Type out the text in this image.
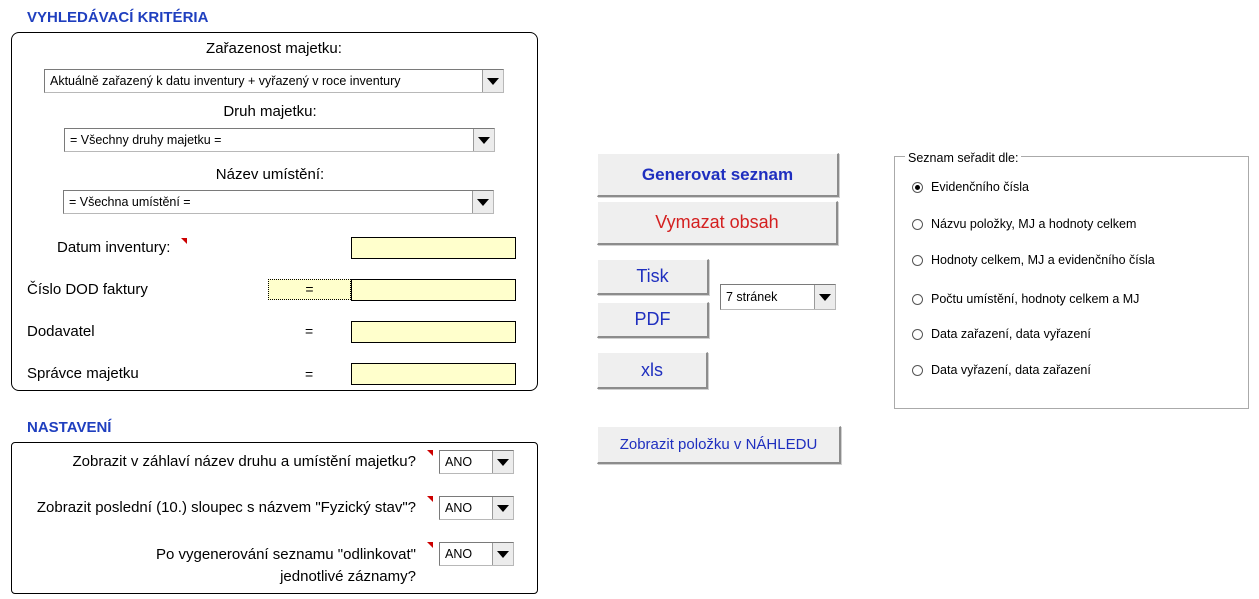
VYHLEDÁVACÍ KRITÉRIA
Zařazenost majetku:
Aktuálně zařazený k datu inventury + vyřazený v roce inventury
Druh majetku:
= Všechny druhy majetku =
Název umístění:
= Všechna umístění =
Datum inventury:
Číslo DOD faktury	=
Dodavatel	=
Správce majetku	=
NASTAVENÍ
Zobrazit v záhlaví název druhu a umístění majetku? ANO
Zobrazit poslední (10.) sloupec s názvem "Fyzický stav"? ANO
Po vygenerování seznamu "odlinkovat"
jednotlivé záznamy?
ANO
Generovat seznam
Vymazat obsah
Tisk
PDF
xls
7 stránek
Zobrazit položku v NÁHLEDU
Seznam seřadit dle:
Evidenčního čísla
Názvu položky, MJ a hodnoty celkem
Hodnoty celkem, MJ a evidenčního čísla
Počtu umístění, hodnoty celkem a MJ
Data zařazení, data vyřazení
Data vyřazení, data zařazení
